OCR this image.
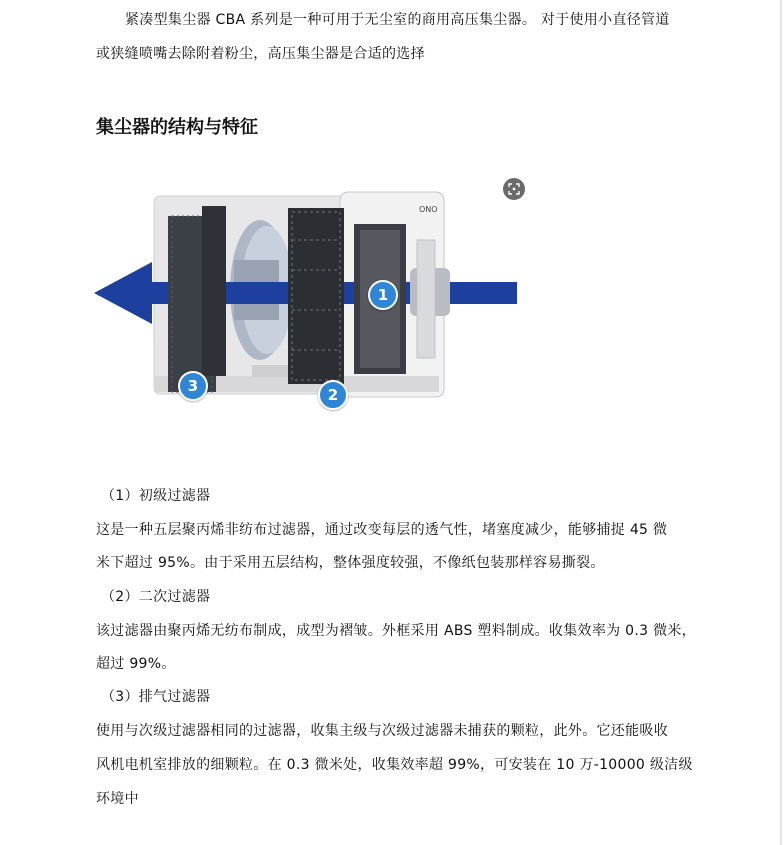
紧凑型集尘器 CBA 系列是一种可用于无尘室的商用高压集尘器。 对于使用小直径管道
或狭缝喷嘴去除附着粉尘，高压集尘器是合适的选择
集尘器的结构与特征
ONO
1
2
3
（1）初级过滤器
这是一种五层聚丙烯非纺布过滤器，通过改变每层的透气性，堵塞度减少，能够捕捉 45 微
米下超过 95%。由于采用五层结构，整体强度较强，不像纸包装那样容易撕裂。
（2）二次过滤器
该过滤器由聚丙烯无纺布制成，成型为褶皱。外框采用 ABS 塑料制成。收集效率为 0.3 微米，
超过 99%。
（3）排气过滤器
使用与次级过滤器相同的过滤器，收集主级与次级过滤器未捕获的颗粒，此外。它还能吸收
风机电机室排放的细颗粒。在 0.3 微米处，收集效率超 99%，可安装在 10 万-10000 级洁级
环境中
